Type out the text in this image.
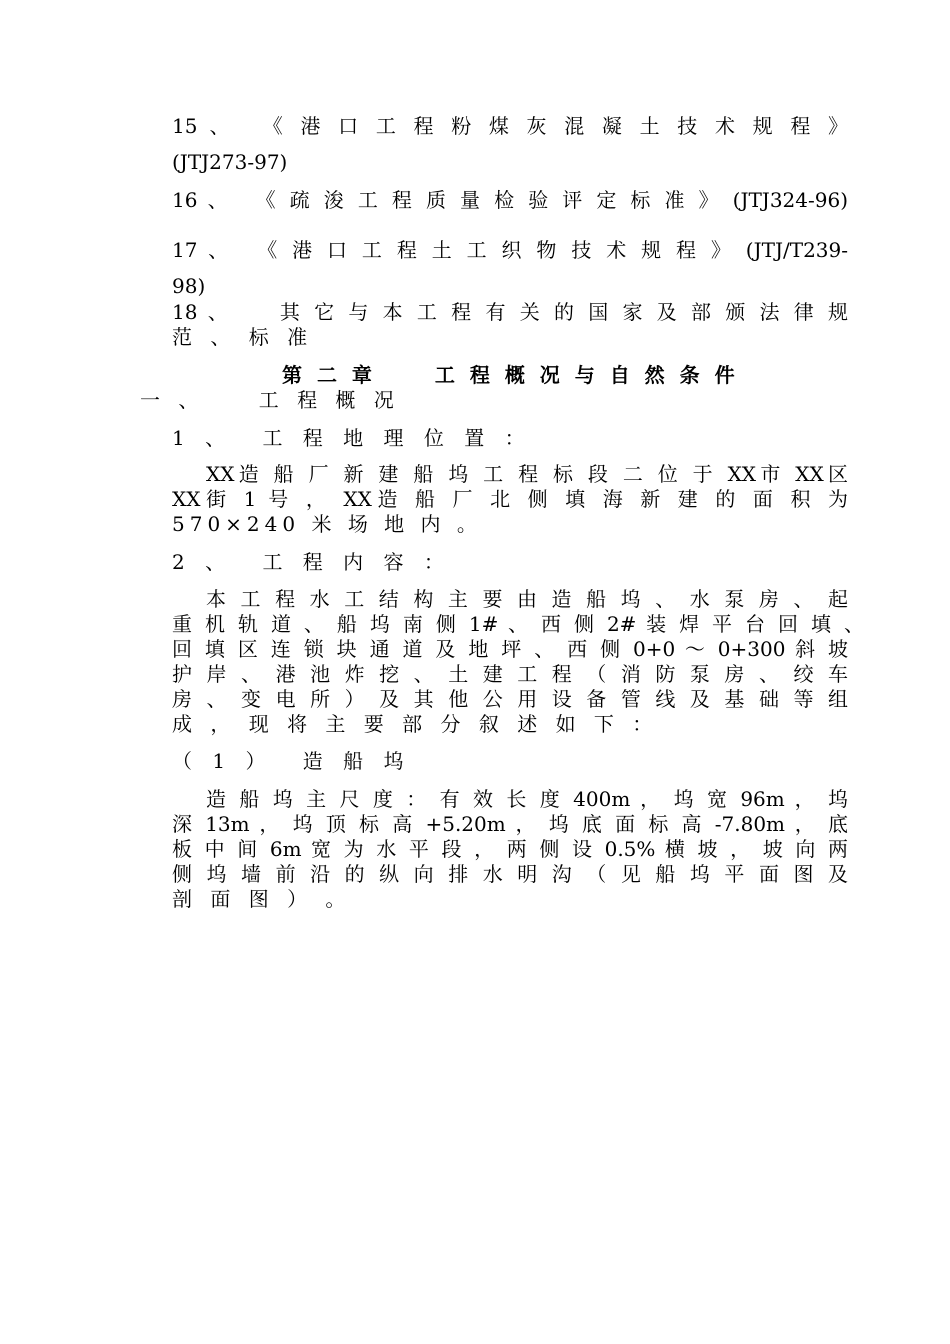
15 、　 《 港 口 工 程 粉 煤 灰 混 凝 土 技 术 规 程 》
(JTJ273-97)
16 、　 《 疏 浚 工 程 质 量 检 验 评 定 标 准 》 (JTJ324-96)
17 、　 《 港 口 工 程 土 工 织 物 技 术 规 程 》 (JTJ/T239-
98)
18 、　　 其 它 与 本 工 程 有 关 的 国 家 及 部 颁 法 律 规
范 、 标 准
第 二 章　　 工 程 概 况 与 自 然 条 件
一 、　　 工 程 概 况
1 、　 工 程 地 理 位 置 ：
XX造 船 厂 新 建 船 坞 工 程 标 段 二 位 于 XX市 XX区
XX街 1 号 ， XX造 船 厂 北 侧 填 海 新 建 的 面 积 为
570×240 米 场 地 内 。
2 、　 工 程 内 容 ：
本 工 程 水 工 结 构 主 要 由 造 船 坞 、 水 泵 房 、 起
重 机 轨 道 、 船 坞 南 侧 1# 、 西 侧 2# 装 焊 平 台 回 填 、
回 填 区 连 锁 块 通 道 及 地 坪 、 西 侧 0+0 ～ 0+300 斜 坡
护 岸 、 港 池 炸 挖 、 土 建 工 程 （ 消 防 泵 房 、 绞 车
房 、 变 电 所 ） 及 其 他 公 用 设 备 管 线 及 基 础 等 组
成 ， 现 将 主 要 部 分 叙 述 如 下 ：
（ 1 ）　 造 船 坞
造 船 坞 主 尺 度 ： 有 效 长 度 400m ， 坞 宽 96m ， 坞
深 13m ， 坞 顶 标 高 +5.20m ， 坞 底 面 标 高 -7.80m ， 底
板 中 间 6m 宽 为 水 平 段 ， 两 侧 设 0.5% 横 坡 ， 坡 向 两
侧 坞 墙 前 沿 的 纵 向 排 水 明 沟 （ 见 船 坞 平 面 图 及
剖 面 图 ） 。
